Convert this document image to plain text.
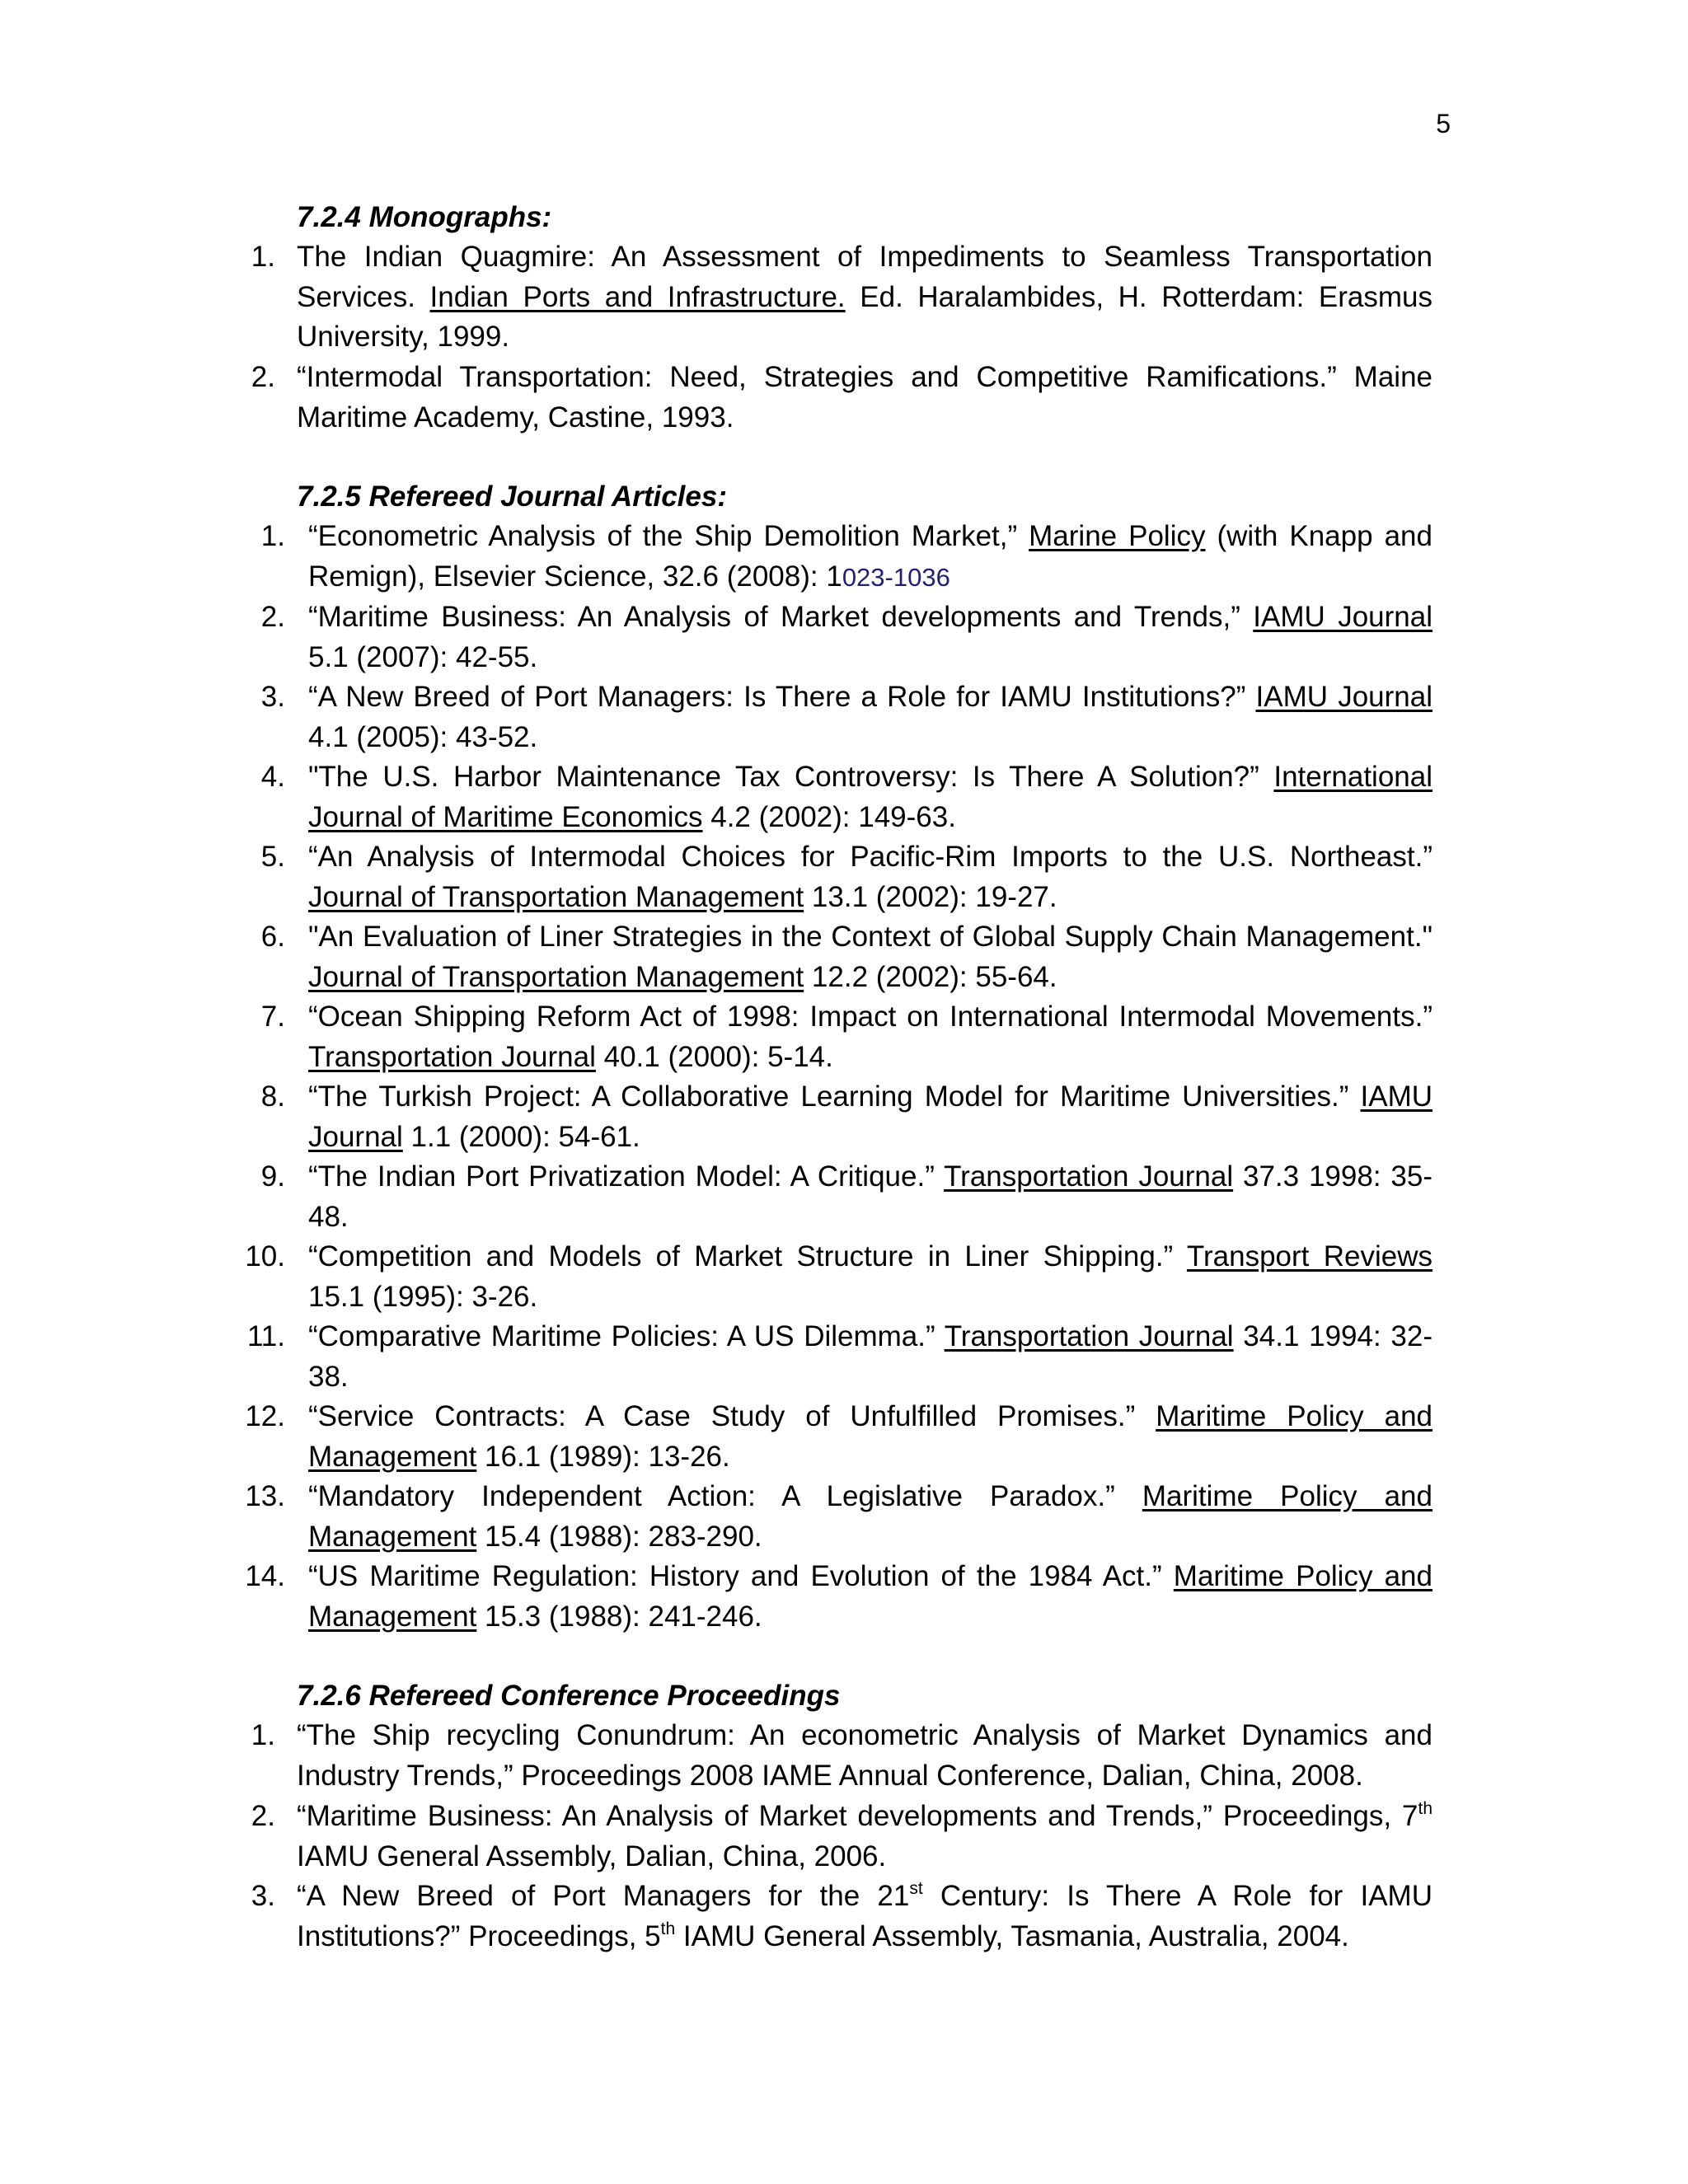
5
7.2.4 Monographs:
1. The Indian Quagmire: An Assessment of Impediments to Seamless Transportation Services. Indian Ports and Infrastructure. Ed. Haralambides, H. Rotterdam: Erasmus University, 1999.
2. “Intermodal Transportation: Need, Strategies and Competitive Ramifications.” Maine Maritime Academy, Castine, 1993.
7.2.5 Refereed Journal Articles:
1. “Econometric Analysis of the Ship Demolition Market,” Marine Policy (with Knapp and Remign), Elsevier Science, 32.6 (2008): 1023-1036
2. “Maritime Business: An Analysis of Market developments and Trends,” IAMU Journal 5.1 (2007): 42-55.
3. “A New Breed of Port Managers: Is There a Role for IAMU Institutions?” IAMU Journal 4.1 (2005): 43-52.
4. "The U.S. Harbor Maintenance Tax Controversy: Is There A Solution?” International Journal of Maritime Economics 4.2 (2002): 149-63.
5. “An Analysis of Intermodal Choices for Pacific-Rim Imports to the U.S. Northeast.” Journal of Transportation Management 13.1 (2002): 19-27.
6. "An Evaluation of Liner Strategies in the Context of Global Supply Chain Management." Journal of Transportation Management 12.2 (2002): 55-64.
7. “Ocean Shipping Reform Act of 1998: Impact on International Intermodal Movements.” Transportation Journal 40.1 (2000): 5-14.
8. “The Turkish Project: A Collaborative Learning Model for Maritime Universities.” IAMU Journal 1.1 (2000): 54-61.
9. “The Indian Port Privatization Model: A Critique.” Transportation Journal 37.3 1998: 35-48.
10. “Competition and Models of Market Structure in Liner Shipping.” Transport Reviews 15.1 (1995): 3-26.
11. “Comparative Maritime Policies: A US Dilemma.” Transportation Journal 34.1 1994: 32-38.
12. “Service Contracts: A Case Study of Unfulfilled Promises.” Maritime Policy and Management 16.1 (1989): 13-26.
13. “Mandatory Independent Action: A Legislative Paradox.” Maritime Policy and Management 15.4 (1988): 283-290.
14. “US Maritime Regulation: History and Evolution of the 1984 Act.” Maritime Policy and Management 15.3 (1988): 241-246.
7.2.6 Refereed Conference Proceedings
1. “The Ship recycling Conundrum: An econometric Analysis of Market Dynamics and Industry Trends,” Proceedings 2008 IAME Annual Conference, Dalian, China, 2008.
2. “Maritime Business: An Analysis of Market developments and Trends,” Proceedings, 7th IAMU General Assembly, Dalian, China, 2006.
3. “A New Breed of Port Managers for the 21st Century: Is There A Role for IAMU Institutions?” Proceedings, 5th IAMU General Assembly, Tasmania, Australia, 2004.
